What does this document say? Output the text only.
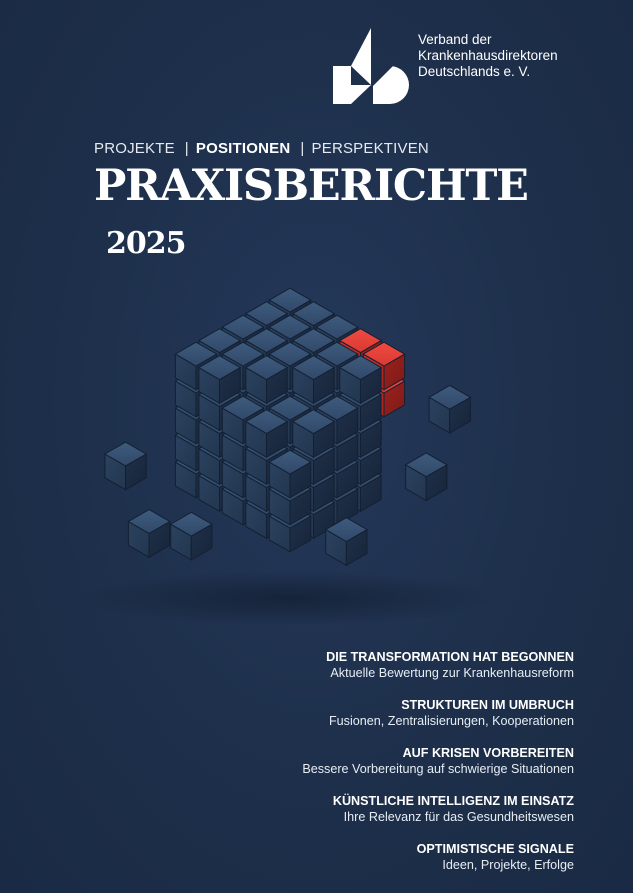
Verband der
Krankenhausdirektoren
Deutschlands e. V.
PROJEKTE | POSITIONEN | PERSPEKTIVEN
PRAXISBERICHTE
2025
DIE TRANSFORMATION HAT BEGONNEN

Aktuelle Bewertung zur Krankenhausreform

STRUKTUREN IM UMBRUCH

Fusionen, Zentralisierungen, Kooperationen

AUF KRISEN VORBEREITEN

Bessere Vorbereitung auf schwierige Situationen

KÜNSTLICHE INTELLIGENZ IM EINSATZ

Ihre Relevanz für das Gesundheitswesen

OPTIMISTISCHE SIGNALE

Ideen, Projekte, Erfolge
